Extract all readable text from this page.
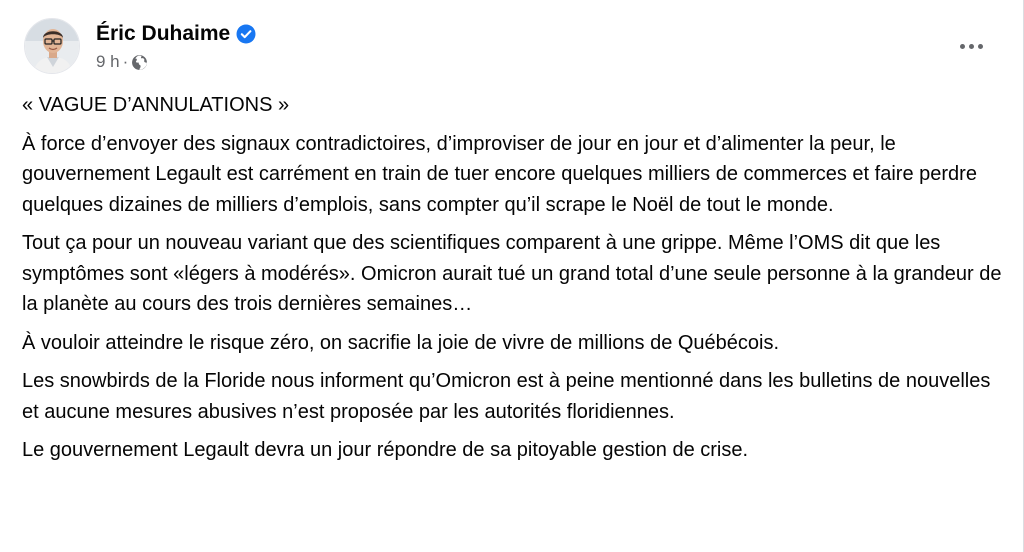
Éric Duhaime
9 h ·

« VAGUE D’ANNULATIONS »

À force d’envoyer des signaux contradictoires, d’improviser de jour en jour et d’alimenter la peur, le gouvernement Legault est carrément en train de tuer encore quelques milliers de commerces et faire perdre quelques dizaines de milliers d’emplois, sans compter qu’il scrape le Noël de tout le monde.

Tout ça pour un nouveau variant que des scientifiques comparent à une grippe. Même l’OMS dit que les symptômes sont «légers à modérés». Omicron aurait tué un grand total d’une seule personne à la grandeur de la planète au cours des trois dernières semaines…

À vouloir atteindre le risque zéro, on sacrifie la joie de vivre de millions de Québécois.

Les snowbirds de la Floride nous informent qu’Omicron est à peine mentionné dans les bulletins de nouvelles et aucune mesures abusives n’est proposée par les autorités floridiennes.

Le gouvernement Legault devra un jour répondre de sa pitoyable gestion de crise.
